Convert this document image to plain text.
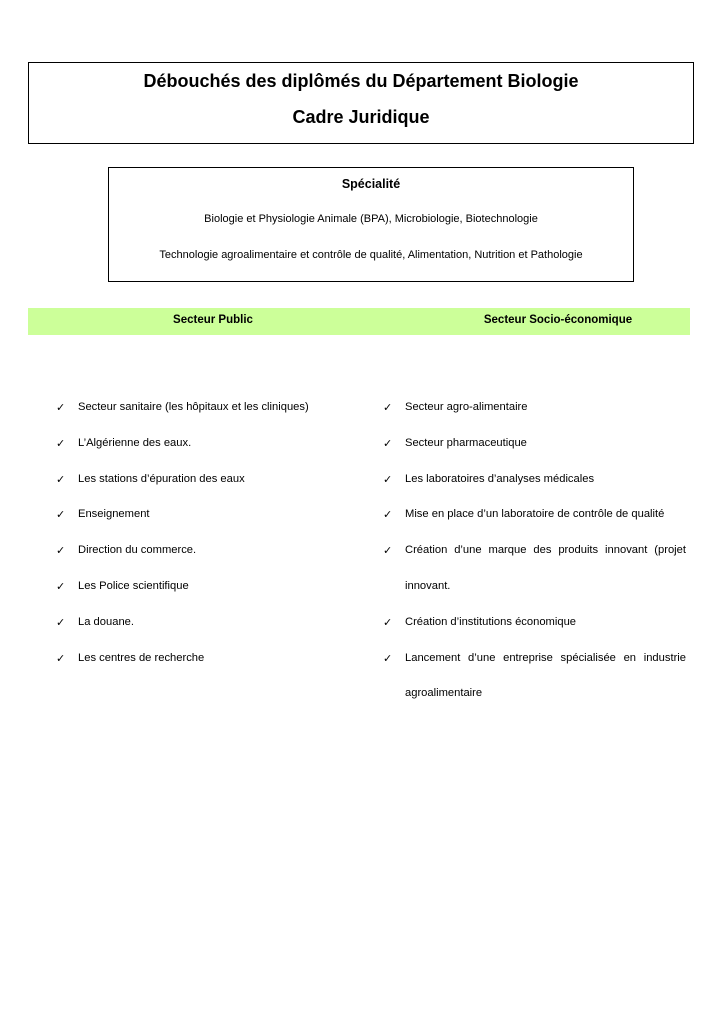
Débouchés des diplômés du Département Biologie
Cadre Juridique
Spécialité
Biologie et Physiologie Animale (BPA), Microbiologie, Biotechnologie
Technologie agroalimentaire et contrôle de qualité, Alimentation, Nutrition et Pathologie
Secteur Public	Secteur Socio-économique
✓ Secteur sanitaire (les hôpitaux et les cliniques)
✓ L’Algérienne des eaux.
✓ Les stations d’épuration des eaux
✓ Enseignement
✓ Direction du commerce.
✓ Les Police scientifique
✓ La douane.
✓ Les centres de recherche
✓ Secteur agro-alimentaire
✓ Secteur pharmaceutique
✓ Les laboratoires d’analyses médicales
✓ Mise en place d’un laboratoire de contrôle de qualité
✓ Création d’une marque des produits innovant (projet innovant.
✓ Création d’institutions économique
✓ Lancement d’une entreprise spécialisée en industrie agroalimentaire
